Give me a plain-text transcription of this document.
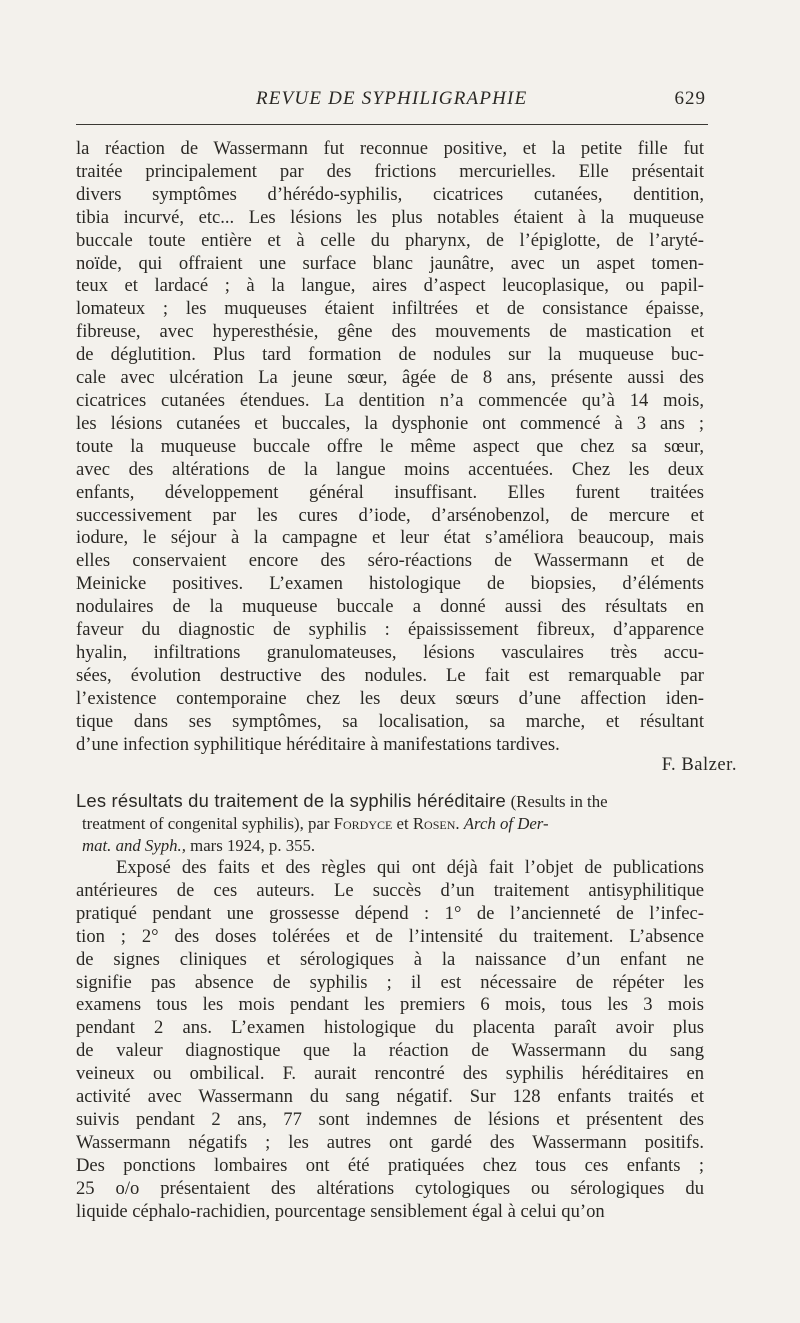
REVUE DE SYPHILIGRAPHIE	629
la réaction de Wassermann fut reconnue positive, et la petite fille fut
traitée principalement par des frictions mercurielles. Elle présentait
divers symptômes d’hérédo-syphilis, cicatrices cutanées, dentition,
tibia incurvé, etc... Les lésions les plus notables étaient à la muqueuse
buccale toute entière et à celle du pharynx, de l’épiglotte, de l’aryté-
noïde, qui offraient une surface blanc jaunâtre, avec un aspet tomen-
teux et lardacé ; à la langue, aires d’aspect leucoplasique, ou papil-
lomateux ; les muqueuses étaient infiltrées et de consistance épaisse,
fibreuse, avec hyperesthésie, gêne des mouvements de mastication et
de déglutition. Plus tard formation de nodules sur la muqueuse buc-
cale avec ulcération La jeune sœur, âgée de 8 ans, présente aussi des
cicatrices cutanées étendues. La dentition n’a commencée qu’à 14 mois,
les lésions cutanées et buccales, la dysphonie ont commencé à 3 ans ;
toute la muqueuse buccale offre le même aspect que chez sa sœur,
avec des altérations de la langue moins accentuées. Chez les deux
enfants, développement général insuffisant. Elles furent traitées
successivement par les cures d’iode, d’arsénobenzol, de mercure et
iodure, le séjour à la campagne et leur état s’améliora beaucoup, mais
elles conservaient encore des séro-réactions de Wassermann et de
Meinicke positives. L’examen histologique de biopsies, d’éléments
nodulaires de la muqueuse buccale a donné aussi des résultats en
faveur du diagnostic de syphilis : épaississement fibreux, d’apparence
hyalin, infiltrations granulomateuses, lésions vasculaires très accu-
sées, évolution destructive des nodules. Le fait est remarquable par
l’existence contemporaine chez les deux sœurs d’une affection iden-
tique dans ses symptômes, sa localisation, sa marche, et résultant
d’une infection syphilitique héréditaire à manifestations tardives.
F. Balzer.
Les résultats du traitement de la syphilis héréditaire (Results in the
treatment of congenital syphilis), par Fordyce et Rosen. Arch of Der-
mat. and Syph., mars 1924, p. 355.
Exposé des faits et des règles qui ont déjà fait l’objet de publications
antérieures de ces auteurs. Le succès d’un traitement antisyphilitique
pratiqué pendant une grossesse dépend : 1° de l’ancienneté de l’infec-
tion ; 2° des doses tolérées et de l’intensité du traitement. L’absence
de signes cliniques et sérologiques à la naissance d’un enfant ne
signifie pas absence de syphilis ; il est nécessaire de répéter les
examens tous les mois pendant les premiers 6 mois, tous les 3 mois
pendant 2 ans. L’examen histologique du placenta paraît avoir plus
de valeur diagnostique que la réaction de Wassermann du sang
veineux ou ombilical. F. aurait rencontré des syphilis héréditaires en
activité avec Wassermann du sang négatif. Sur 128 enfants traités et
suivis pendant 2 ans, 77 sont indemnes de lésions et présentent des
Wassermann négatifs ; les autres ont gardé des Wassermann positifs.
Des ponctions lombaires ont été pratiquées chez tous ces enfants ;
25 o/o présentaient des altérations cytologiques ou sérologiques du
liquide céphalo-rachidien, pourcentage sensiblement égal à celui qu’on
